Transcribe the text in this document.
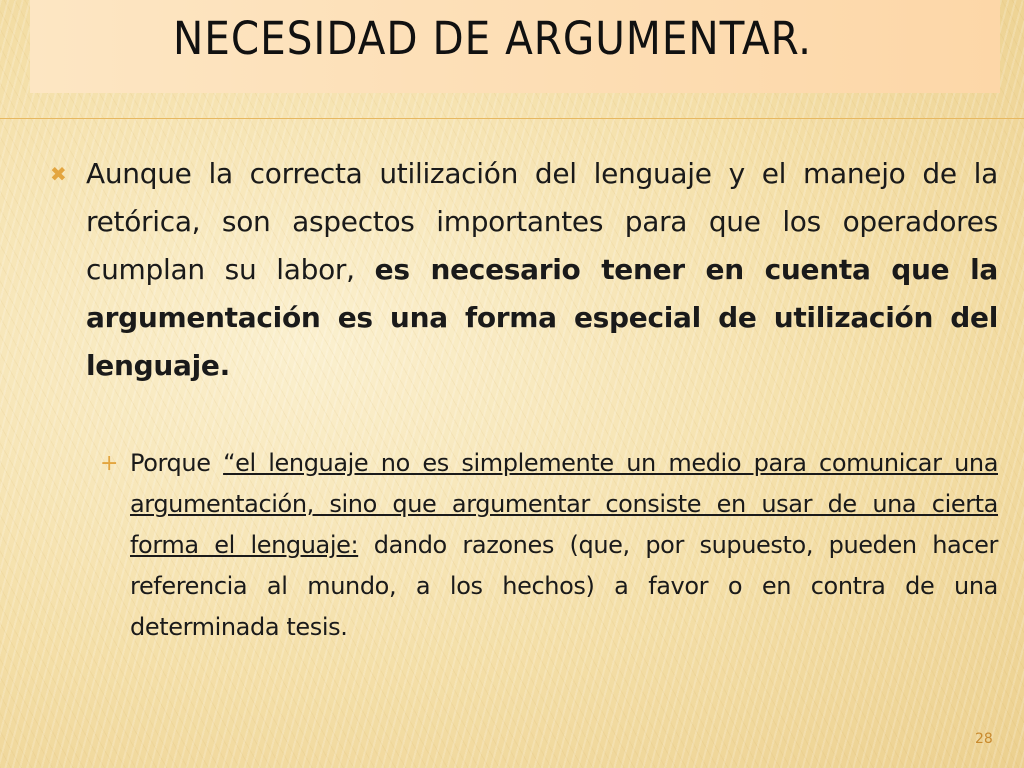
NECESIDAD DE ARGUMENTAR.
✖ Aunque la correcta utilización del lenguaje y el manejo de la retórica, son aspectos importantes para que los operadores cumplan su labor, es necesario tener en cuenta que la argumentación es una forma especial de utilización del lenguaje.
+ Porque “el lenguaje no es simplemente un medio para comunicar una argumentación, sino que argumentar consiste en usar de una cierta forma el lenguaje: dando razones (que, por supuesto, pueden hacer referencia al mundo, a los hechos) a favor o en contra de una determinada tesis.
28
